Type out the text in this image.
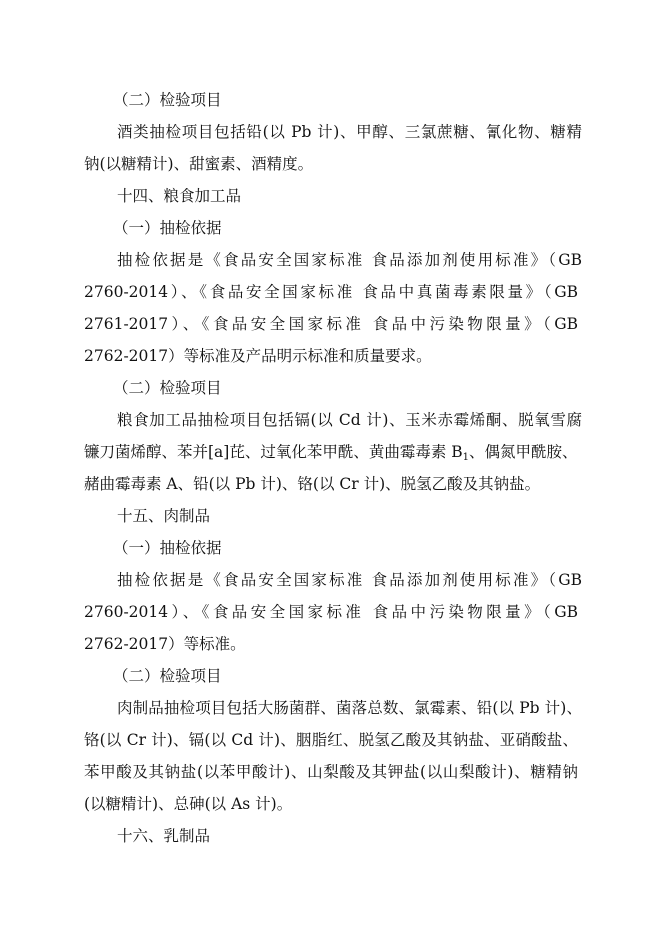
（二）检验项目
酒类抽检项目包括铅(以 Pb 计)、甲醇、三氯蔗糖、氰化物、糖精
钠(以糖精计)、甜蜜素、酒精度。
十四、粮食加工品
（一）抽检依据
抽检依据是《食品安全国家标准 食品添加剂使用标准》（GB
2760-2014）、《食品安全国家标准 食品中真菌毒素限量》（GB
2761-2017）、《食品安全国家标准 食品中污染物限量》（GB
2762-2017）等标准及产品明示标准和质量要求。
（二）检验项目
粮食加工品抽检项目包括镉(以 Cd 计)、玉米赤霉烯酮、脱氧雪腐
镰刀菌烯醇、苯并[a]芘、过氧化苯甲酰、黄曲霉毒素 $B_1$、偶氮甲酰胺、
赭曲霉毒素 A、铅(以 Pb 计)、铬(以 Cr 计)、脱氢乙酸及其钠盐。
十五、肉制品
（一）抽检依据
抽检依据是《食品安全国家标准 食品添加剂使用标准》（GB
2760-2014）、《食品安全国家标准 食品中污染物限量》（GB
2762-2017）等标准。
（二）检验项目
肉制品抽检项目包括大肠菌群、菌落总数、氯霉素、铅(以 Pb 计)、
铬(以 Cr 计)、镉(以 Cd 计)、胭脂红、脱氢乙酸及其钠盐、亚硝酸盐、
苯甲酸及其钠盐(以苯甲酸计)、山梨酸及其钾盐(以山梨酸计)、糖精钠
(以糖精计)、总砷(以 As 计)。
十六、乳制品
